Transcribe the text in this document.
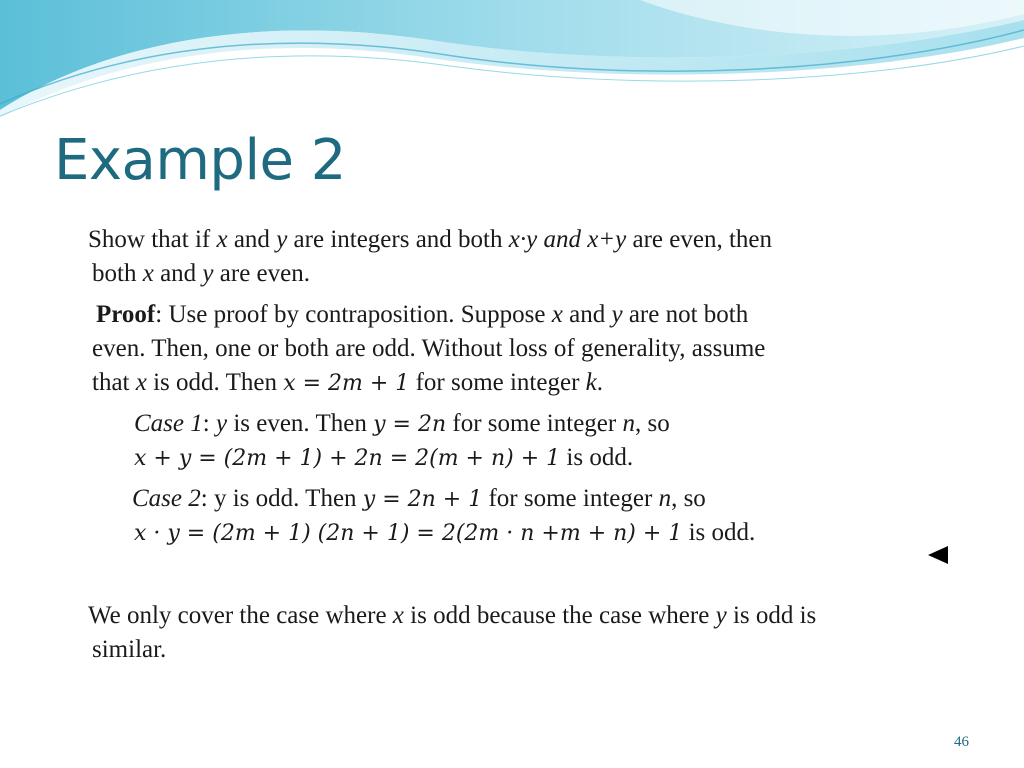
Example 2
Show that if x and y are integers and both x·y and x+y are even, then
both x and y are even.
Proof: Use proof by contraposition. Suppose x and y are not both
even. Then, one or both are odd. Without loss of generality, assume
that x is odd. Then x = 2m + 1 for some integer k.
Case 1: y is even. Then y = 2n for some integer n, so
x + y = (2m + 1) + 2n = 2(m + n) + 1 is odd.
Case 2: y is odd. Then y = 2n + 1 for some integer n, so
x · y = (2m + 1) (2n + 1) = 2(2m · n +m + n) + 1 is odd.
We only cover the case where x is odd because the case where y is odd is
similar.
46
